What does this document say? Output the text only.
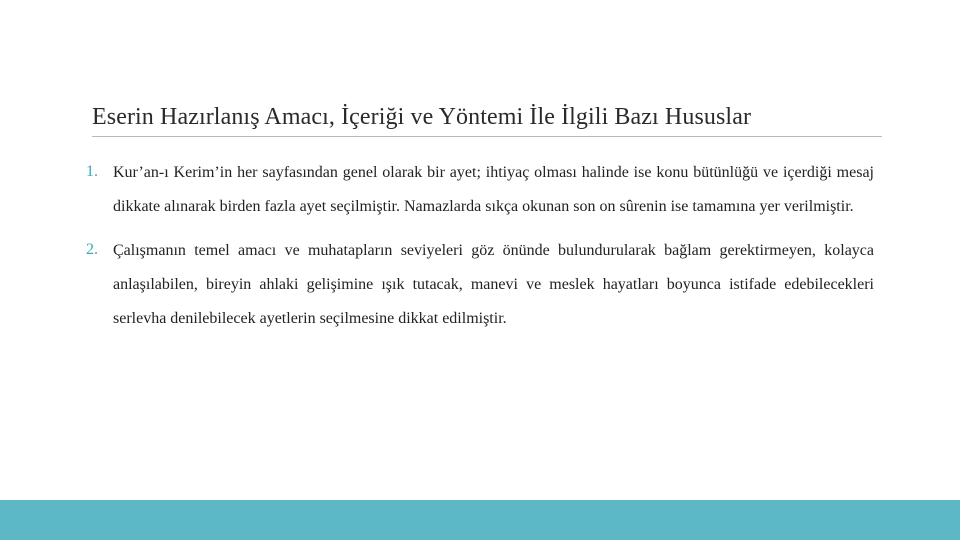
Eserin Hazırlanış Amacı, İçeriği ve Yöntemi İle İlgili Bazı Hususlar
1. Kur’an-ı Kerim’in her sayfasından genel olarak bir ayet; ihtiyaç olması halinde ise konu bütünlüğü ve içerdiği mesaj dikkate alınarak birden fazla ayet seçilmiştir. Namazlarda sıkça okunan son on sûrenin ise tamamına yer verilmiştir.

2. Çalışmanın temel amacı ve muhatapların seviyeleri göz önünde bulundurularak bağlam gerektirmeyen, kolayca anlaşılabilen, bireyin ahlaki gelişimine ışık tutacak, manevi ve meslek hayatları boyunca istifade edebilecekleri serlevha denilebilecek ayetlerin seçilmesine dikkat edilmiştir.
